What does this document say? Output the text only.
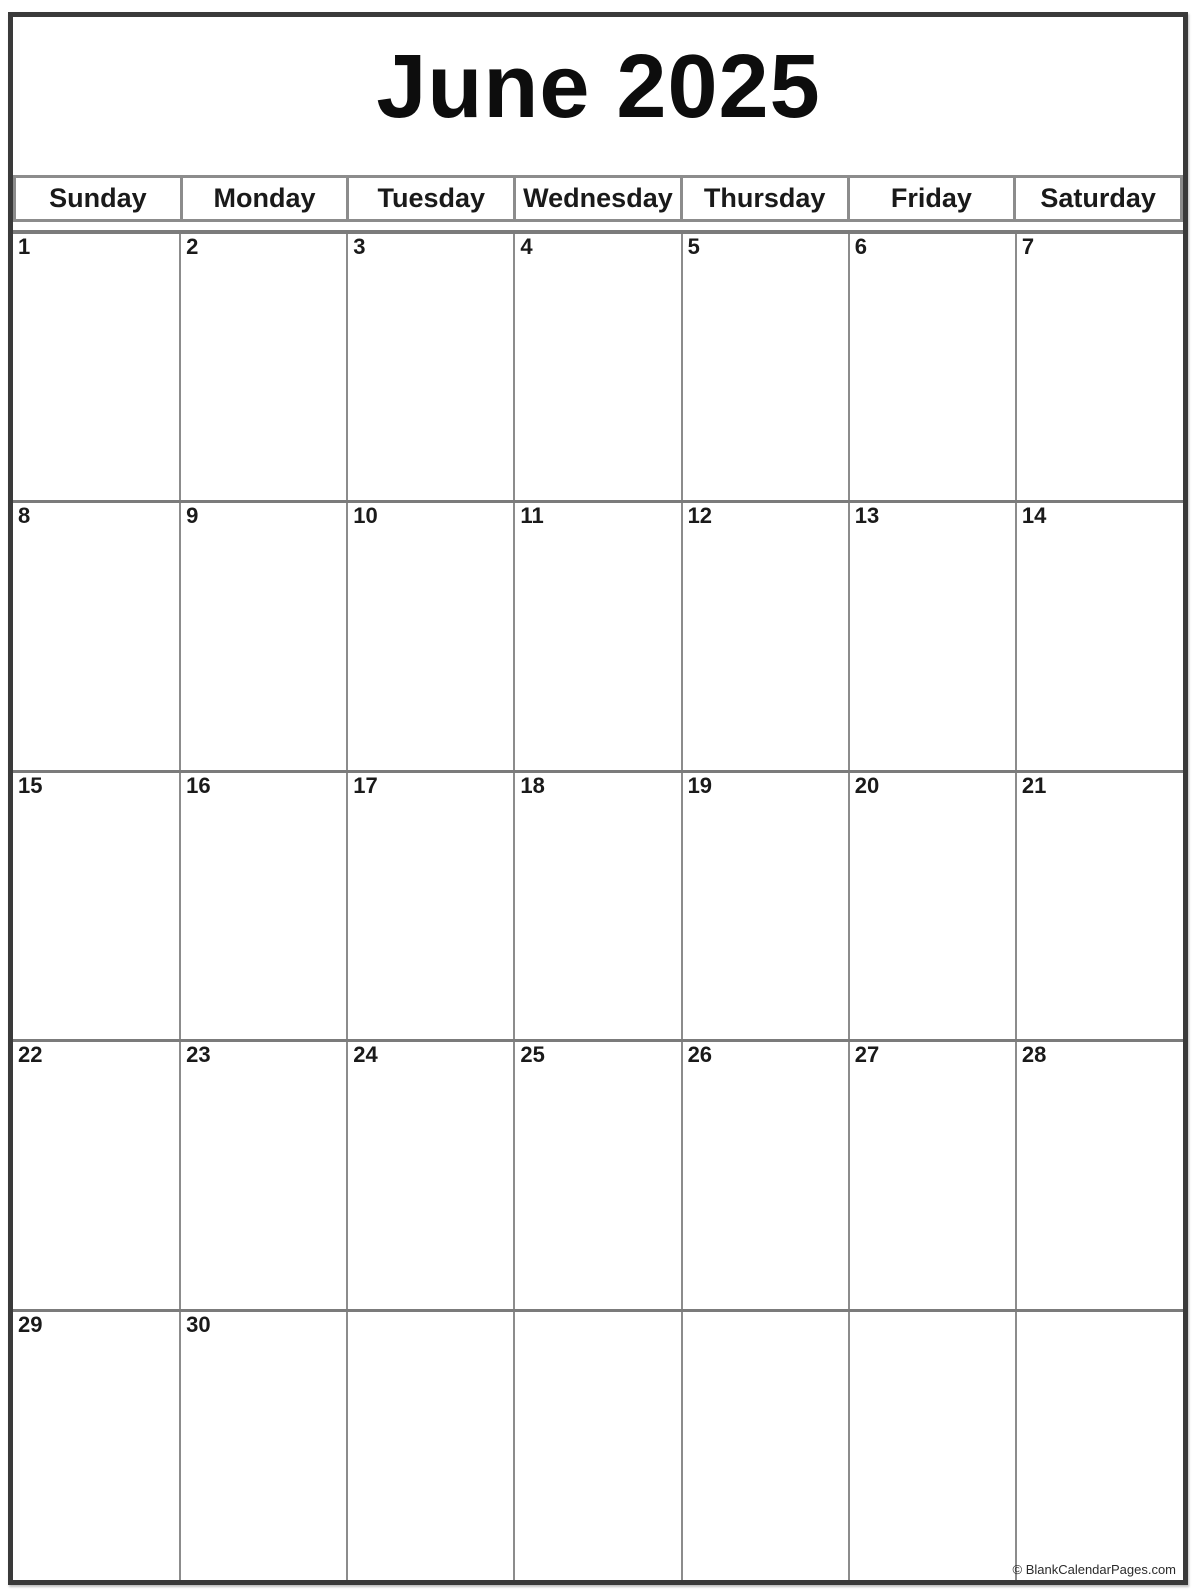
June 2025
Sunday	Monday	Tuesday	Wednesday	Thursday	Friday	Saturday
1	2	3	4	5	6	7
8	9	10	11	12	13	14
15	16	17	18	19	20	21
22	23	24	25	26	27	28
29	30					© BlankCalendarPages.com
